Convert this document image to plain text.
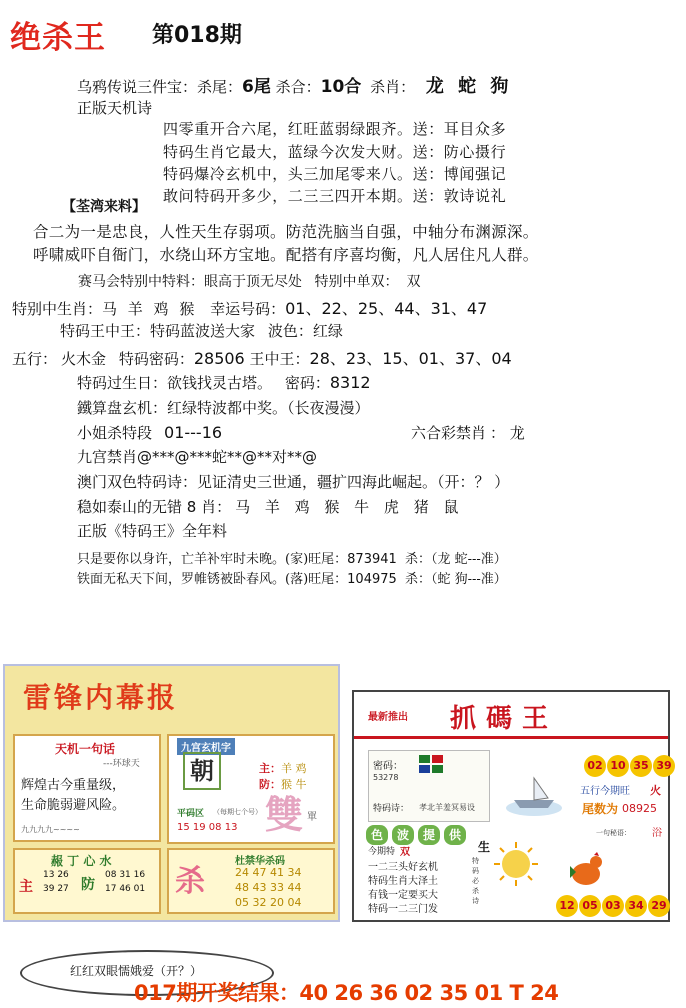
绝杀王 第018期
乌鸦传说三件宝：杀尾：6尾 杀合：10合 杀肖： 龙 蛇 狗
正版天机诗
四零重开合六尾，红旺蓝弱绿跟齐。送：耳目众多
特码生肖它最大，蓝绿今次发大财。送：防心摄行
特码爆冷玄机中，头三加尾零来八。送：博闻强记
敢问特码开多少，二三三四开本期。送：敦诗说礼
【荃湾来料】
合二为一是忠良，人性天生存弱项。防范洗脑当自强，中轴分布渊源深。
呼啸威吓自衙门，水绕山环方宝地。配搭有序喜均衡，凡人居住凡人群。
赛马会特别中特料：眼高于顶无尽处 特别中单双： 双
特别中生肖：马 羊 鸡 猴 幸运号码：01、22、25、44、31、47
特码王中王：特码蓝波送大家 波色：红绿
五行： 火木金 特码密码：28506 王中王：28、23、15、01、37、04
特码过生日：欲钱找灵古塔。 密码：8312
鐵算盘玄机：红绿特波都中奖。（长夜漫漫）
小姐杀特段 01---16	六合彩禁肖 ： 龙
九宫禁肖@***@***蛇**@**对**@
澳门双色特码诗：见证清史三世通，疆扩四海此崛起。（开：？ ）
稳如泰山的无错 8 肖： 马 羊 鸡 猴 牛 虎 猪 鼠
正版《特码王》全年料
只是要你以身许，亡羊补牢时未晚。(家)旺尾：873941 杀：（龙 蛇---准）
铁面无私天下间，罗帷锈被卧春风。(落)旺尾：104975 杀：（蛇 狗---准）
雷锋内幕报
天机一句话
---环球天
辉煌古今重量级，
生命脆弱避风险。
九九九九~~~~
赧 丁 心 水
主
13 26
39 27 防
08 31 16
17 46 01
九宫玄机字
朝	主： 羊 鸡
防： 猴 牛
平码区 （每期七个号）
15 19 08 13 雙 單
杀
杜禁华杀码
24 47 41 34
48 43 33 44
05 32 20 04
最新推出 抓碼王
02 10 35 39
密码：
53278
特码诗： 孝北羊羞冥易设
五行今期旺 火
尾数为 08925
色 波 提 供
生
特码必杀诗
今期特 双
一二三头好玄机
特码生肖大泽土
有钱一定要买大
特码一二三门发
一句秘语： 浴
12 05 03 34 29
红红双眼懦娥爱（开？）
017期开奖结果：40 26 36 02 35 01 T 24
